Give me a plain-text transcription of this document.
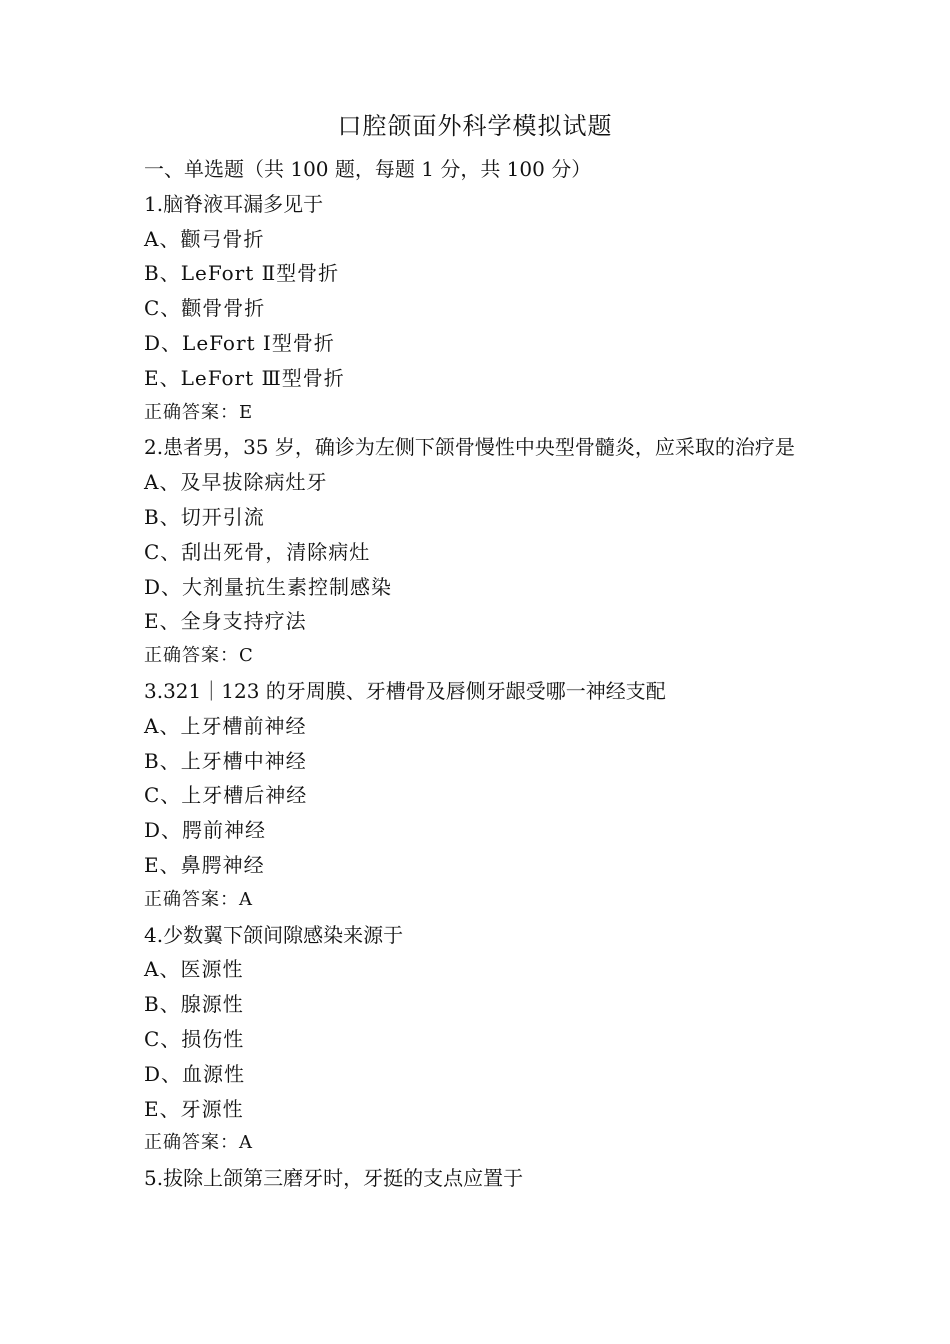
口腔颌面外科学模拟试题
一、单选题（共 100 题，每题 1 分，共 100 分）
1.脑脊液耳漏多见于
A、颧弓骨折
B、LeFort Ⅱ型骨折
C、颧骨骨折
D、LeFort Ⅰ型骨折
E、LeFort Ⅲ型骨折
正确答案：E
2.患者男，35 岁，确诊为左侧下颌骨慢性中央型骨髓炎，应采取的治疗是
A、及早拔除病灶牙
B、切开引流
C、刮出死骨，清除病灶
D、大剂量抗生素控制感染
E、全身支持疗法
正确答案：C
3.321｜123 的牙周膜、牙槽骨及唇侧牙龈受哪一神经支配
A、上牙槽前神经
B、上牙槽中神经
C、上牙槽后神经
D、腭前神经
E、鼻腭神经
正确答案：A
4.少数翼下颌间隙感染来源于
A、医源性
B、腺源性
C、损伤性
D、血源性
E、牙源性
正确答案：A
5.拔除上颌第三磨牙时，牙挺的支点应置于
